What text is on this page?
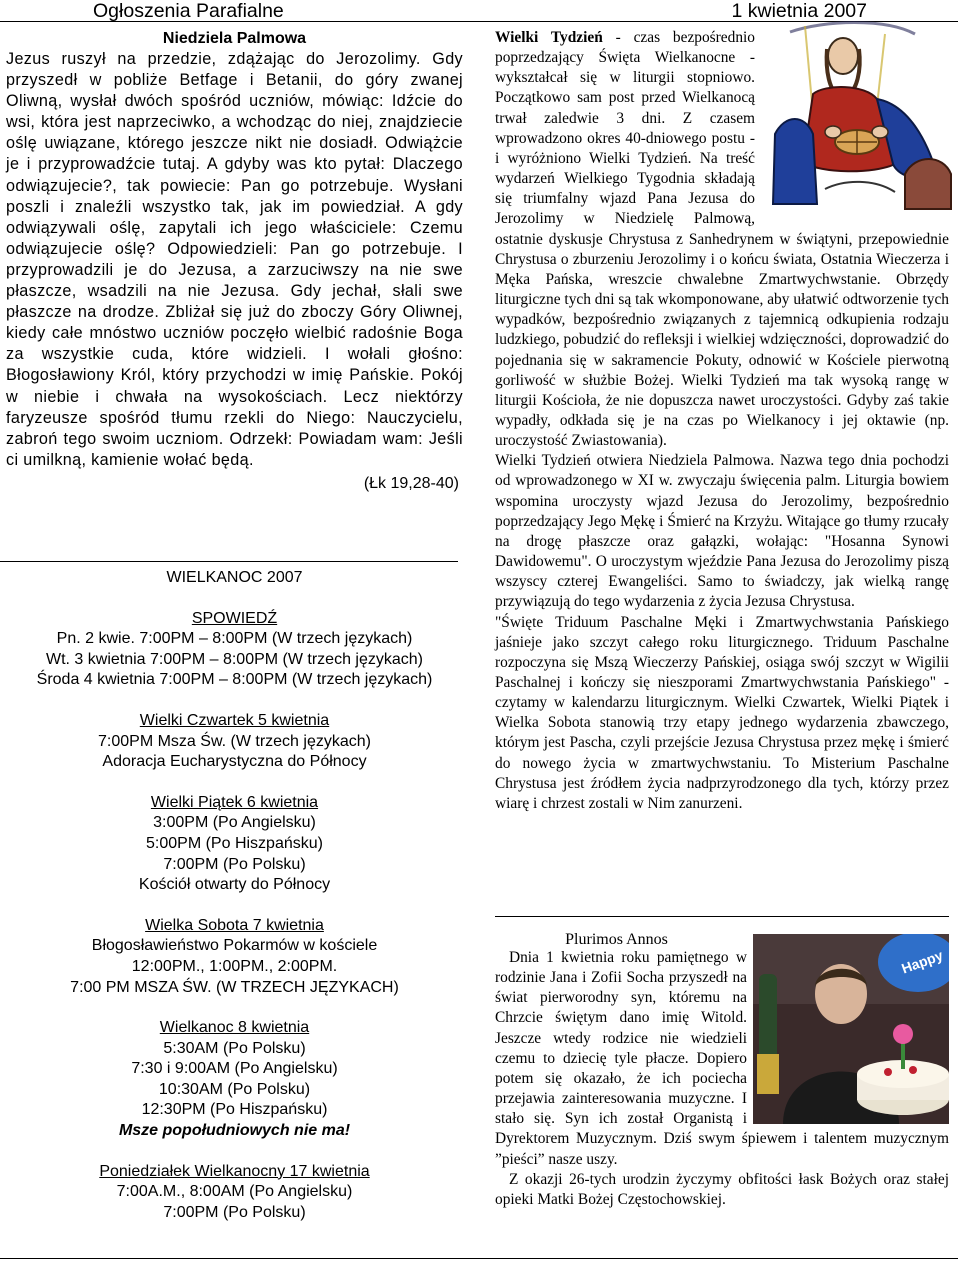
Ogłoszenia Parafialne	1 kwietnia 2007
Niedziela Palmowa
Jezus ruszył na przedzie, zdążając do Jerozolimy. Gdy przyszedł w pobliże Betfage i Betanii, do góry zwanej Oliwną, wysłał dwóch spośród uczniów, mówiąc: Idźcie do wsi, która jest naprzeciwko, a wchodząc do niej, znajdziecie oślę uwiązane, którego jeszcze nikt nie dosiadł. Odwiążcie je i przyprowadźcie tutaj. A gdyby was kto pytał: Dlaczego odwiązujecie?, tak powiecie: Pan go potrzebuje. Wysłani poszli i znaleźli wszystko tak, jak im powiedział. A gdy odwiązywali oślę, zapytali ich jego właściciele: Czemu odwiązujecie oślę? Odpowiedzieli: Pan go potrzebuje. I przyprowadzili je do Jezusa, a zarzuciwszy na nie swe płaszcze, wsadzili na nie Jezusa. Gdy jechał, słali swe płaszcze na drodze. Zbliżał się już do zboczy Góry Oliwnej, kiedy całe mnóstwo uczniów poczęło wielbić radośnie Boga za wszystkie cuda, które widzieli. I wołali głośno: Błogosławiony Król, który przychodzi w imię Pańskie. Pokój w niebie i chwała na wysokościach. Lecz niektórzy faryzeusze spośród tłumu rzekli do Niego: Nauczycielu, zabroń tego swoim uczniom. Odrzekł: Powiadam wam: Jeśli ci umilkną, kamienie wołać będą.
(Łk 19,28-40)
WIELKANOC 2007
SPOWIEDŹ
Pn. 2 kwie. 7:00PM – 8:00PM (W trzech językach)
Wt. 3 kwietnia 7:00PM – 8:00PM (W trzech językach)
Środa 4 kwietnia 7:00PM – 8:00PM (W trzech językach)
Wielki Czwartek 5 kwietnia
7:00PM Msza Św. (W trzech językach)
Adoracja Eucharystyczna do Północy
Wielki Piątek 6 kwietnia
3:00PM (Po Angielsku)
5:00PM (Po Hiszpańsku)
7:00PM (Po Polsku)
Kościół otwarty do Północy
Wielka Sobota 7 kwietnia
Błogosławieństwo Pokarmów w kościele
12:00PM., 1:00PM., 2:00PM.
7:00 PM MSZA ŚW. (W TRZECH JĘZYKACH)
Wielkanoc 8 kwietnia
5:30AM (Po Polsku)
7:30 i 9:00AM (Po Angielsku)
10:30AM (Po Polsku)
12:30PM (Po Hiszpańsku)
Msze popołudniowych nie ma!
Poniedziałek Wielkanocny 17 kwietnia
7:00A.M., 8:00AM (Po Angielsku)
7:00PM (Po Polsku)

Wielki Tydzień - czas bezpośrednio poprzedzający Święta Wielkanocne - wykształcał się w liturgii stopniowo. Początkowo sam post przed Wielkanocą trwał zaledwie 3 dni. Z czasem wprowadzono okres 40-dniowego postu - i wyróżniono Wielki Tydzień. Na treść wydarzeń Wielkiego Tygodnia składają się triumfalny wjazd Pana Jezusa do Jerozolimy w Niedzielę Palmową, ostatnie dyskusje Chrystusa z Sanhedrynem w świątyni, przepowiednie Chrystusa o zburzeniu Jerozolimy i o końcu świata, Ostatnia Wieczerza i Męka Pańska, wreszcie chwalebne Zmartwychwstanie. Obrzędy liturgiczne tych dni są tak wkomponowane, aby ułatwić odtworzenie tych wypadków, bezpośrednio związanych z tajemnicą odkupienia rodzaju ludzkiego, pobudzić do refleksji i wielkiej wdzięczności, doprowadzić do pojednania się w sakramencie Pokuty, odnowić w Kościele pierwotną gorliwość w służbie Bożej. Wielki Tydzień ma tak wysoką rangę w liturgii Kościoła, że nie dopuszcza nawet uroczystości. Gdyby zaś takie wypadły, odkłada się je na czas po Wielkanocy i jej oktawie (np. uroczystość Zwiastowania).

Wielki Tydzień otwiera Niedziela Palmowa. Nazwa tego dnia pochodzi od wprowadzonego w XI w. zwyczaju święcenia palm. Liturgia bowiem wspomina uroczysty wjazd Jezusa do Jerozolimy, bezpośrednio poprzedzający Jego Mękę i Śmierć na Krzyżu. Witające go tłumy rzucały na drogę płaszcze oraz gałązki, wołając: "Hosanna Synowi Dawidowemu". O uroczystym wjeździe Pana Jezusa do Jerozolimy piszą wszyscy czterej Ewangeliści. Samo to świadczy, jak wielką rangę przywiązują do tego wydarzenia z życia Jezusa Chrystusa.

"Święte Triduum Paschalne Męki i Zmartwychwstania Pańskiego jaśnieje jako szczyt całego roku liturgicznego. Triduum Paschalne rozpoczyna się Mszą Wieczerzy Pańskiej, osiąga swój szczyt w Wigilii Paschalnej i kończy się nieszporami Zmartwychwstania Pańskiego" - czytamy w kalendarzu liturgicznym. Wielki Czwartek, Wielki Piątek i Wielka Sobota stanowią trzy etapy jednego wydarzenia zbawczego, którym jest Pascha, czyli przejście Jezusa Chrystusa przez mękę i śmierć do nowego życia w zmartwychwstaniu. To Misterium Paschalne Chrystusa jest źródłem życia nadprzyrodzonego dla tych, którzy przez wiarę i chrzest zostali w Nim zanurzeni.

Plurimos Annos
Happy

Dnia 1 kwietnia roku pamiętnego w rodzinie Jana i Zofii Socha przyszedł na świat pierworodny syn, któremu na Chrzcie świętym dano imię Witold. Jeszcze wtedy rodzice nie wiedzieli czemu to dziecię tyle płacze. Dopiero potem się okazało, że ich pociecha przejawia zainteresowania muzyczne. I stało się. Syn ich został Organistą i Dyrektorem Muzycznym. Dziś swym śpiewem i talentem muzycznym ”pieści” nasze uszy.

Z okazji 26-tych urodzin życzymy obfitości łask Bożych oraz stałej opieki Matki Bożej Częstochowskiej.
